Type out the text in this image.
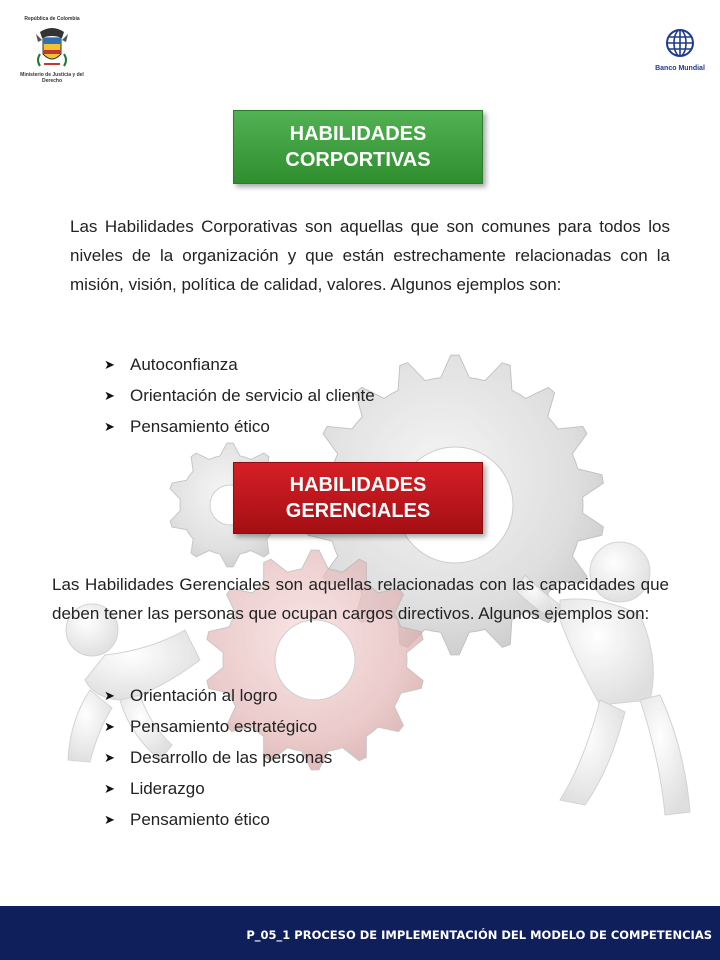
República de Colombia
Ministerio de Justicia y del Derecho
Banco Mundial
HABILIDADES
CORPORTIVAS
Las Habilidades Corporativas son aquellas que son comunes para todos los niveles de la organización y que están estrechamente relacionadas con la misión, visión, política de calidad, valores. Algunos ejemplos son:
➤ Autoconfianza
➤ Orientación de servicio al cliente
➤ Pensamiento ético
HABILIDADES
GERENCIALES
Las Habilidades Gerenciales son aquellas relacionadas con las capacidades que deben tener las personas que ocupan cargos directivos. Algunos ejemplos son:
➤ Orientación al logro
➤ Pensamiento estratégico
➤ Desarrollo de las personas
➤ Liderazgo
➤ Pensamiento ético
P_05_1 PROCESO DE IMPLEMENTACIÓN DEL MODELO DE COMPETENCIAS
